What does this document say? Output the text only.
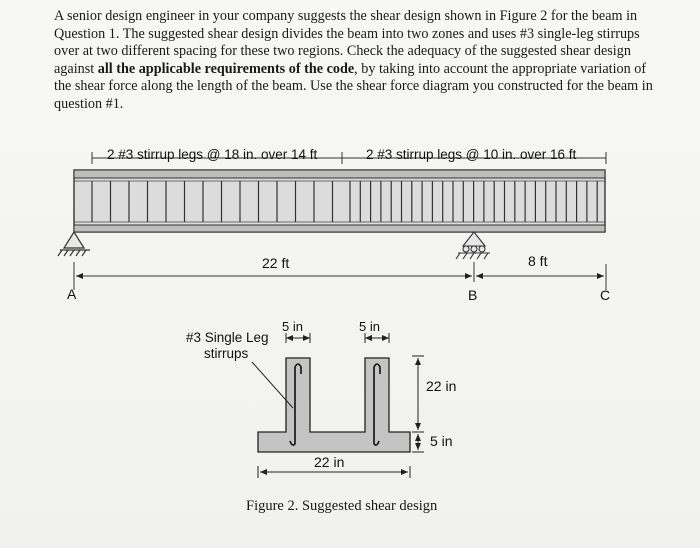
A senior design engineer in your company suggests the shear design shown in Figure 2 for the beam in Question 1. The suggested shear design divides the beam into two zones and uses #3 single-leg stirrups over at two different spacing for these two regions. Check the adequacy of the suggested shear design against all the applicable requirements of the code, by taking into account the appropriate variation of the shear force along the length of the beam. Use the shear force diagram you constructed for the beam in question #1.

2 #3 stirrup legs @ 18 in. over 14 ft	2 #3 stirrup legs @ 10 in. over 16 ft
22 ft	8 ft
A	B	C
#3 Single Leg
stirrups
5 in	5 in
22 in
5 in
22 in
Figure 2. Suggested shear design
